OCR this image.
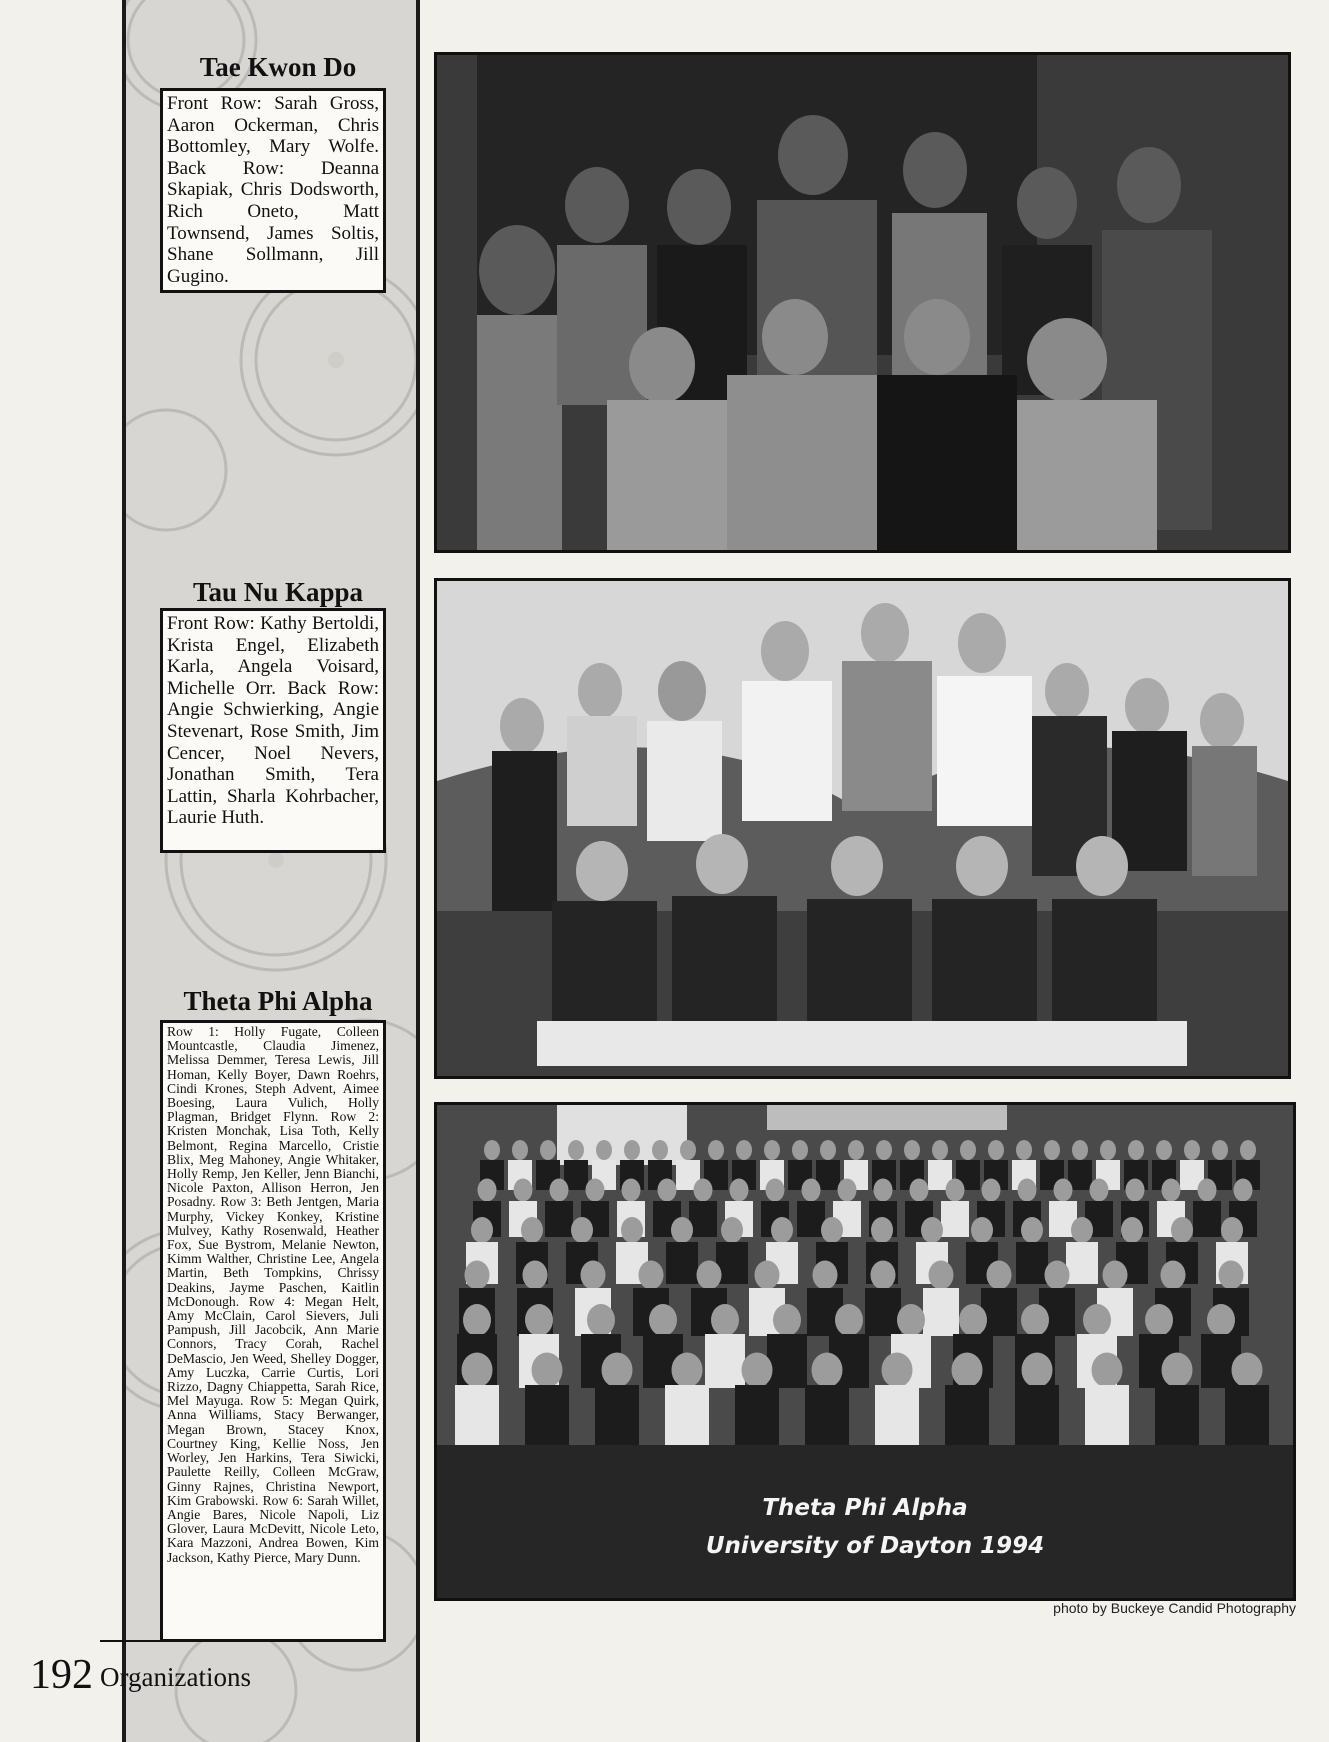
Tae Kwon Do
Front Row: Sarah Gross, Aaron Ockerman, Chris Bottomley, Mary Wolfe. Back Row: Deanna Skapiak, Chris Dodsworth, Rich Oneto, Matt Townsend, James Soltis, Shane Sollmann, Jill Gugino.
Tau Nu Kappa
Front Row: Kathy Bertoldi, Krista Engel, Elizabeth Karla, Angela Voisard, Michelle Orr. Back Row: Angie Schwierking, Angie Stevenart, Rose Smith, Jim Cencer, Noel Nevers, Jonathan Smith, Tera Lattin, Sharla Kohrbacher, Laurie Huth.
Theta Phi Alpha
Row 1: Holly Fugate, Colleen Mountcastle, Claudia Jimenez, Melissa Demmer, Teresa Lewis, Jill Homan, Kelly Boyer, Dawn Roehrs, Cindi Krones, Steph Advent, Aimee Boesing, Laura Vulich, Holly Plagman, Bridget Flynn. Row 2: Kristen Monchak, Lisa Toth, Kelly Belmont, Regina Marcello, Cristie Blix, Meg Mahoney, Angie Whitaker, Holly Remp, Jen Keller, Jenn Bianchi, Nicole Paxton, Allison Herron, Jen Posadny. Row 3: Beth Jentgen, Maria Murphy, Vickey Konkey, Kristine Mulvey, Kathy Rosenwald, Heather Fox, Sue Bystrom, Melanie Newton, Kimm Walther, Christine Lee, Angela Martin, Beth Tompkins, Chrissy Deakins, Jayme Paschen, Kaitlin McDonough. Row 4: Megan Helt, Amy McClain, Carol Sievers, Juli Pampush, Jill Jacobcik, Ann Marie Connors, Tracy Corah, Rachel DeMascio, Jen Weed, Shelley Dogger, Amy Luczka, Carrie Curtis, Lori Rizzo, Dagny Chiappetta, Sarah Rice, Mel Mayuga. Row 5: Megan Quirk, Anna Williams, Stacy Berwanger, Megan Brown, Stacey Knox, Courtney King, Kellie Noss, Jen Worley, Jen Harkins, Tera Siwicki, Paulette Reilly, Colleen McGraw, Ginny Rajnes, Christina Newport, Kim Grabowski. Row 6: Sarah Willet, Angie Bares, Nicole Napoli, Liz Glover, Laura McDevitt, Nicole Leto, Kara Mazzoni, Andrea Bowen, Kim Jackson, Kathy Pierce, Mary Dunn.
Theta Phi Alpha
University of Dayton 1994
photo by Buckeye Candid Photography
192 Organizations
